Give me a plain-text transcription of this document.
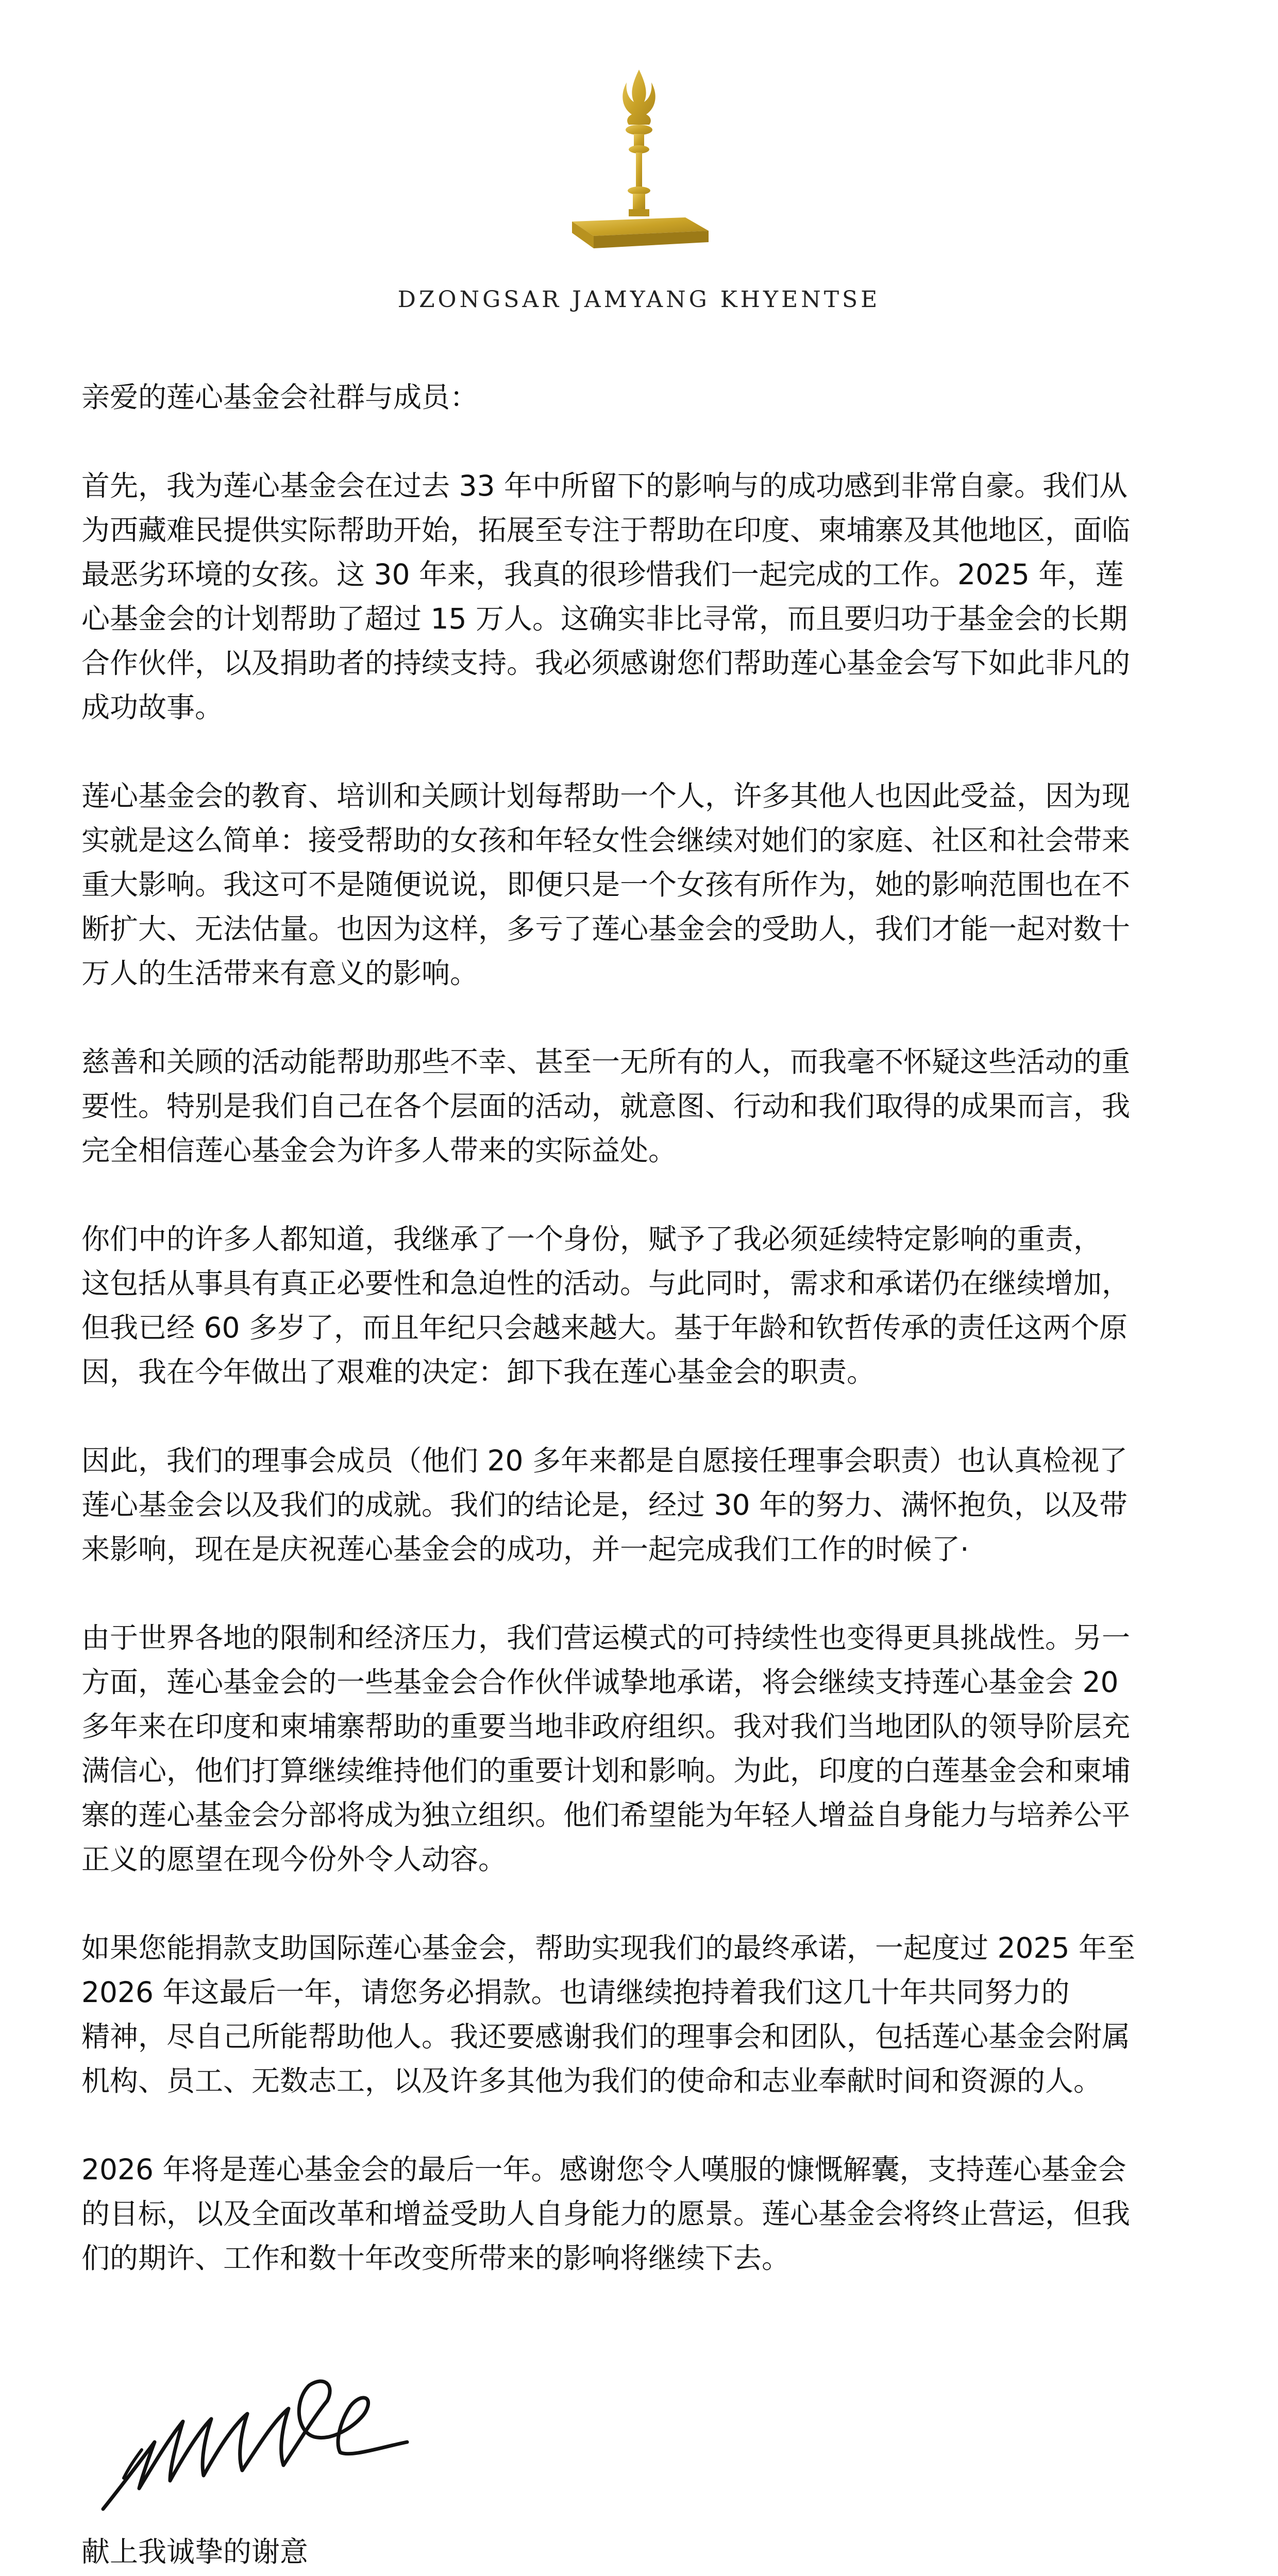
DZONGSAR JAMYANG KHYENTSE

亲爱的莲心基金会社群与成员：

首先，我为莲心基金会在过去 33 年中所留下的影响与的成功感到非常自豪。我们从
为西藏难民提供实际帮助开始，拓展至专注于帮助在印度、柬埔寨及其他地区，面临
最恶劣环境的女孩。这 30 年来，我真的很珍惜我们一起完成的工作。2025 年，莲
心基金会的计划帮助了超过 15 万人。这确实非比寻常，而且要归功于基金会的长期
合作伙伴，以及捐助者的持续支持。我必须感谢您们帮助莲心基金会写下如此非凡的
成功故事。
莲心基金会的教育、培训和关顾计划每帮助一个人，许多其他人也因此受益，因为现
实就是这么简单：接受帮助的女孩和年轻女性会继续对她们的家庭、社区和社会带来
重大影响。我这可不是随便说说，即便只是一个女孩有所作为，她的影响范围也在不
断扩大、无法估量。也因为这样，多亏了莲心基金会的受助人，我们才能一起对数十
万人的生活带来有意义的影响。
慈善和关顾的活动能帮助那些不幸、甚至一无所有的人，而我毫不怀疑这些活动的重
要性。特别是我们自己在各个层面的活动，就意图、行动和我们取得的成果而言，我
完全相信莲心基金会为许多人带来的实际益处。
你们中的许多人都知道，我继承了一个身份，赋予了我必须延续特定影响的重责，
这包括从事具有真正必要性和急迫性的活动。与此同时，需求和承诺仍在继续增加，
但我已经 60 多岁了，而且年纪只会越来越大。基于年龄和钦哲传承的责任这两个原
因，我在今年做出了艰难的决定：卸下我在莲心基金会的职责。
因此，我们的理事会成员（他们 20 多年来都是自愿接任理事会职责）也认真检视了
莲心基金会以及我们的成就。我们的结论是，经过 30 年的努力、满怀抱负，以及带
来影响，现在是庆祝莲心基金会的成功，并一起完成我们工作的时候了·
由于世界各地的限制和经济压力，我们营运模式的可持续性也变得更具挑战性。另一
方面，莲心基金会的一些基金会合作伙伴诚挚地承诺，将会继续支持莲心基金会 20
多年来在印度和柬埔寨帮助的重要当地非政府组织。我对我们当地团队的领导阶层充
满信心，他们打算继续维持他们的重要计划和影响。为此，印度的白莲基金会和柬埔
寨的莲心基金会分部将成为独立组织。他们希望能为年轻人增益自身能力与培养公平
正义的愿望在现今份外令人动容。
如果您能捐款支助国际莲心基金会，帮助实现我们的最终承诺，一起度过 2025 年至
2026 年这最后一年，请您务必捐款。也请继续抱持着我们这几十年共同努力的
精神，尽自己所能帮助他人。我还要感谢我们的理事会和团队，包括莲心基金会附属
机构、员工、无数志工，以及许多其他为我们的使命和志业奉献时间和资源的人。
2026 年将是莲心基金会的最后一年。感谢您令人嘆服的慷慨解囊，支持莲心基金会
的目标，以及全面改革和增益受助人自身能力的愿景。莲心基金会将终止营运，但我
们的期许、工作和数十年改变所带来的影响将继续下去。
献上我诚挚的谢意
